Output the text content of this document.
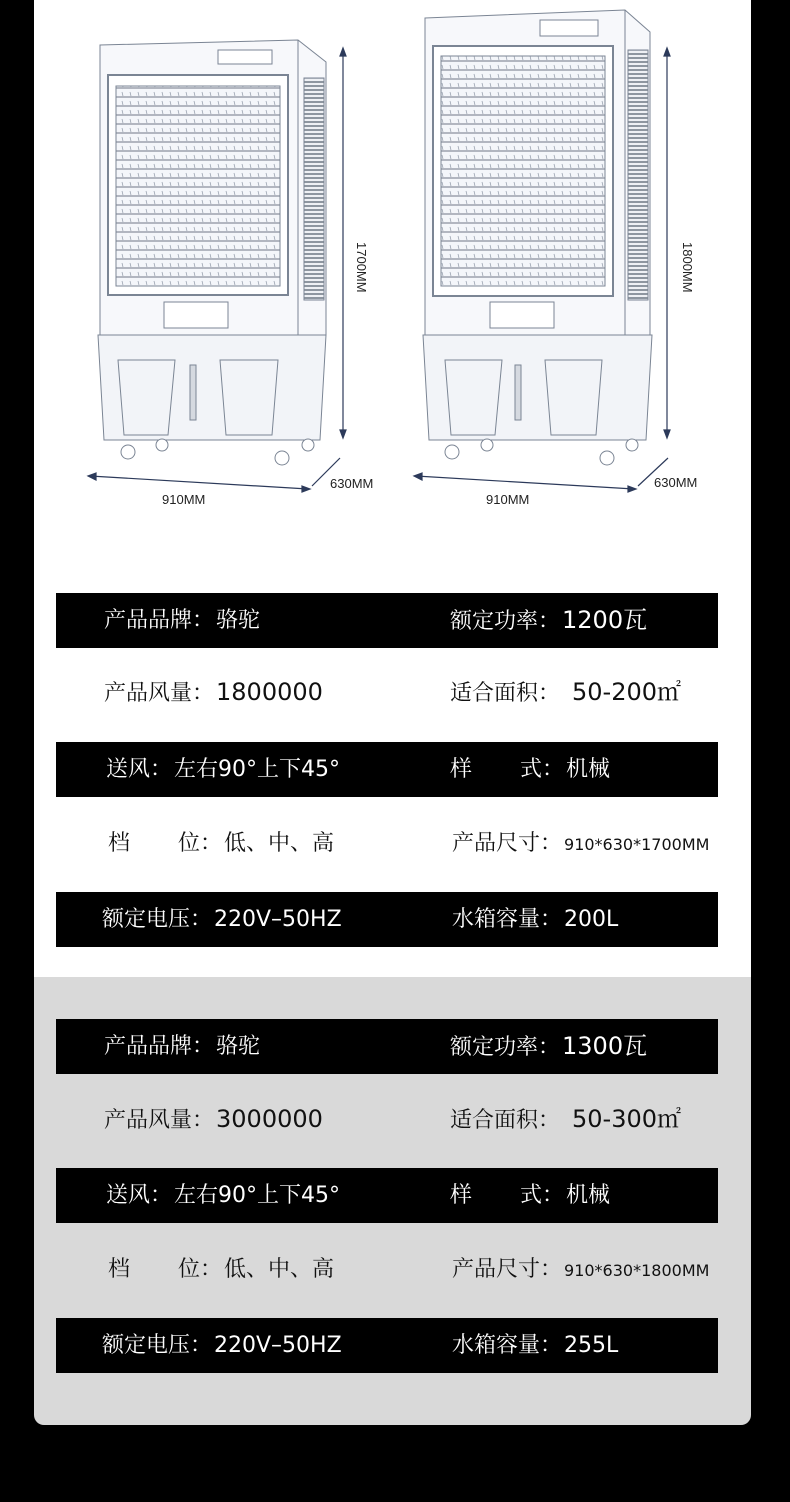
1700MM
910MM
630MM
1800MM
910MM
630MM
产品品牌：骆驼	额定功率：1200瓦
产品风量：1800000	适合面积： 50-200㎡
送风：左右90°上下45°	样 式：机械
档 位：低、中、高	产品尺寸： 910*630*1700MM
额定电压：220V–50HZ	水箱容量：200L
产品品牌：骆驼	额定功率：1300瓦
产品风量：3000000	适合面积： 50-300㎡
送风：左右90°上下45°	样 式：机械
档 位：低、中、高	产品尺寸： 910*630*1800MM
额定电压：220V–50HZ	水箱容量：255L
